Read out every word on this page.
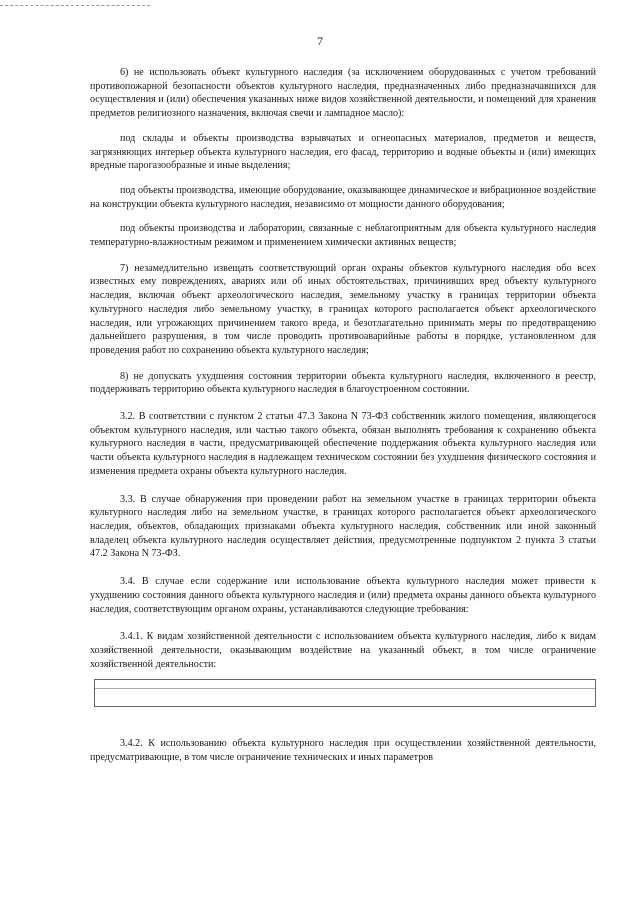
7

6) не использовать объект культурного наследия (за исключением оборудованных с учетом требований противопожарной безопасности объектов культурного наследия, предназначенных либо предназначавшихся для осуществления и (или) обеспечения указанных ниже видов хозяйственной деятельности, и помещений для хранения предметов религиозного назначения, включая свечи и лампадное масло):

под склады и объекты производства взрывчатых и огнеопасных материалов, предметов и веществ, загрязняющих интерьер объекта культурного наследия, его фасад, территорию и водные объекты и (или) имеющих вредные парогазообразные и иные выделения;

под объекты производства, имеющие оборудование, оказывающее динамическое и вибрационное воздействие на конструкции объекта культурного наследия, независимо от мощности данного оборудования;

под объекты производства и лаборатории, связанные с неблагоприятным для объекта культурного наследия температурно-влажностным режимом и применением химически активных веществ;

7) незамедлительно извещать соответствующий орган охраны объектов культурного наследия обо всех известных ему повреждениях, авариях или об иных обстоятельствах, причинивших вред объекту культурного наследия, включая объект археологического наследия, земельному участку в границах территории объекта культурного наследия либо земельному участку, в границах которого располагается объект археологического наследия, или угрожающих причинением такого вреда, и безотлагательно принимать меры по предотвращению дальнейшего разрушения, в том числе проводить противоаварийные работы в порядке, установленном для проведения работ по сохранению объекта культурного наследия;

8) не допускать ухудшения состояния территории объекта культурного наследия, включенного в реестр, поддерживать территорию объекта культурного наследия в благоустроенном состоянии.

3.2. В соответствии с пунктом 2 статьи 47.3 Закона N 73-ФЗ собственник жилого помещения, являющегося объектом культурного наследия, или частью такого объекта, обязан выполнять требования к сохранению объекта культурного наследия в части, предусматривающей обеспечение поддержания объекта культурного наследия или части объекта культурного наследия в надлежащем техническом состоянии без ухудшения физического состояния и изменения предмета охраны объекта культурного наследия.

3.3. В случае обнаружения при проведении работ на земельном участке в границах территории объекта культурного наследия либо на земельном участке, в границах которого располагается объект археологического наследия, объектов, обладающих признаками объекта культурного наследия, собственник или иной законный владелец объекта культурного наследия осуществляет действия, предусмотренные подпунктом 2 пункта 3 статьи 47.2 Закона N 73-ФЗ.

3.4. В случае если содержание или использование объекта культурного наследия может привести к ухудшению состояния данного объекта культурного наследия и (или) предмета охраны данного объекта культурного наследия, соответствующим органом охраны, устанавливаются следующие требования:

3.4.1. К видам хозяйственной деятельности с использованием объекта культурного наследия, либо к видам хозяйственной деятельности, оказывающим воздействие на указанный объект, в том числе ограничение хозяйственной деятельности:

3.4.2. К использованию объекта культурного наследия при осуществлении хозяйственной деятельности, предусматривающие, в том числе ограничение технических и иных параметров
